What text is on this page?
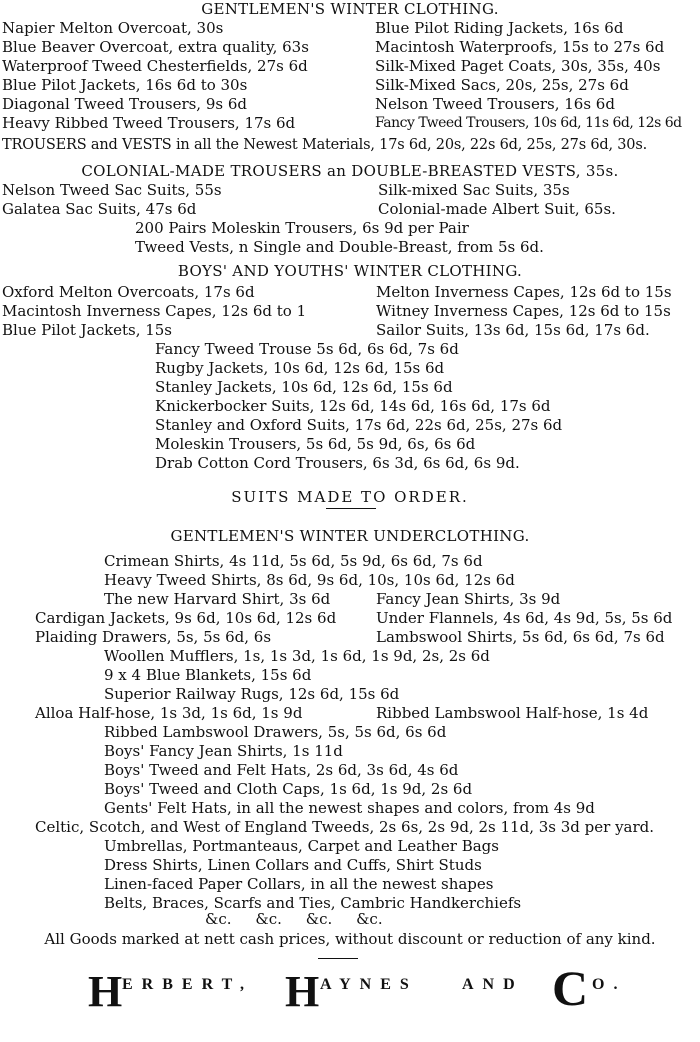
GENTLEMEN'S WINTER CLOTHING.
Napier Melton Overcoat, 30s	Blue Pilot Riding Jackets, 16s 6d
Blue Beaver Overcoat, extra quality, 63s	Macintosh Waterproofs, 15s to 27s 6d
Waterproof Tweed Chesterfields, 27s 6d	Silk-Mixed Paget Coats, 30s, 35s, 40s
Blue Pilot Jackets, 16s 6d to 30s	Silk-Mixed Sacs, 20s, 25s, 27s 6d
Diagonal Tweed Trousers, 9s 6d	Nelson Tweed Trousers, 16s 6d
Heavy Ribbed Tweed Trousers, 17s 6d	Fancy Tweed Trousers, 10s 6d, 11s 6d, 12s 6d
TROUSERS and VESTS in all the Newest Materials, 17s 6d, 20s, 22s 6d, 25s, 27s 6d, 30s.
COLONIAL-MADE TROUSERS an DOUBLE-BREASTED VESTS, 35s.
Nelson Tweed Sac Suits, 55s	Silk-mixed Sac Suits, 35s
Galatea Sac Suits, 47s 6d	Colonial-made Albert Suit, 65s.
200 Pairs Moleskin Trousers, 6s 9d per Pair
Tweed Vests, n Single and Double-Breast, from 5s 6d.
BOYS' AND YOUTHS' WINTER CLOTHING.
Oxford Melton Overcoats, 17s 6d	Melton Inverness Capes, 12s 6d to 15s
Macintosh Inverness Capes, 12s 6d to 1	Witney Inverness Capes, 12s 6d to 15s
Blue Pilot Jackets, 15s	Sailor Suits, 13s 6d, 15s 6d, 17s 6d.
Fancy Tweed Trouse 5s 6d, 6s 6d, 7s 6d
Rugby Jackets, 10s 6d, 12s 6d, 15s 6d
Stanley Jackets, 10s 6d, 12s 6d, 15s 6d
Knickerbocker Suits, 12s 6d, 14s 6d, 16s 6d, 17s 6d
Stanley and Oxford Suits, 17s 6d, 22s 6d, 25s, 27s 6d
Moleskin Trousers, 5s 6d, 5s 9d, 6s, 6s 6d
Drab Cotton Cord Trousers, 6s 3d, 6s 6d, 6s 9d.
SUITS MADE TO ORDER.
GENTLEMEN'S WINTER UNDERCLOTHING.
Crimean Shirts, 4s 11d, 5s 6d, 5s 9d, 6s 6d, 7s 6d
Heavy Tweed Shirts, 8s 6d, 9s 6d, 10s, 10s 6d, 12s 6d
The new Harvard Shirt, 3s 6d	Fancy Jean Shirts, 3s 9d
Cardigan Jackets, 9s 6d, 10s 6d, 12s 6d	Under Flannels, 4s 6d, 4s 9d, 5s, 5s 6d
Plaiding Drawers, 5s, 5s 6d, 6s	Lambswool Shirts, 5s 6d, 6s 6d, 7s 6d
Woollen Mufflers, 1s, 1s 3d, 1s 6d, 1s 9d, 2s, 2s 6d
9 x 4 Blue Blankets, 15s 6d
Superior Railway Rugs, 12s 6d, 15s 6d
Alloa Half-hose, 1s 3d, 1s 6d, 1s 9d	Ribbed Lambswool Half-hose, 1s 4d
Ribbed Lambswool Drawers, 5s, 5s 6d, 6s 6d
Boys' Fancy Jean Shirts, 1s 11d
Boys' Tweed and Felt Hats, 2s 6d, 3s 6d, 4s 6d
Boys' Tweed and Cloth Caps, 1s 6d, 1s 9d, 2s 6d
Gents' Felt Hats, in all the newest shapes and colors, from 4s 9d
Celtic, Scotch, and West of England Tweeds, 2s 6s, 2s 9d, 2s 11d, 3s 3d per yard.
Umbrellas, Portmanteaus, Carpet and Leather Bags
Dress Shirts, Linen Collars and Cuffs, Shirt Studs
Linen-faced Paper Collars, in all the newest shapes
Belts, Braces, Scarfs and Ties, Cambric Handkerchiefs
&c.     &c.     &c.     &c.
All Goods marked at nett cash prices, without discount or reduction of any kind.
H ERBERT, H AYNES	AND C O.
